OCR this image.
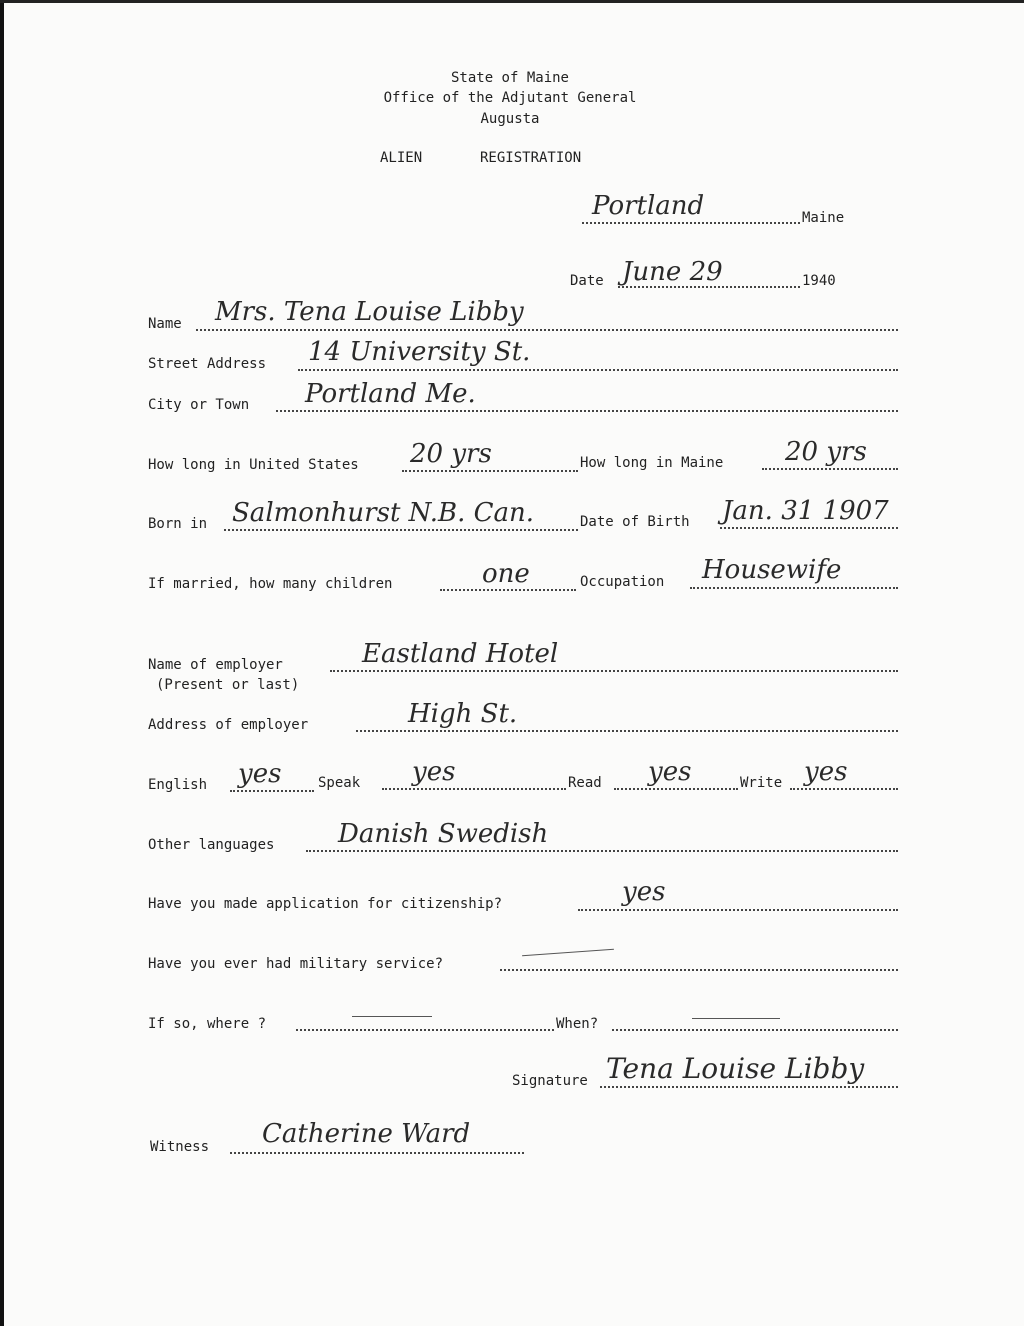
State of Maine
Office of the Adjutant General
Augusta
ALIEN	REGISTRATION
Portland	Maine
Date June 29	1940
Name Mrs. Tena Louise Libby
Street Address 14 University St.
City or Town Portland Me.
How long in United States 20 yrs	How long in Maine 20 yrs
Born in Salmonhurst N.B. Can.	Date of Birth Jan. 31 1907
If married, how many children	one	Occupation Housewife
Name of employer
(Present or last)
Eastland Hotel
Address of employer	High St.
English yes	Speak yes	Read yes	Write yes
Other languages Danish Swedish
Have you made application for citizenship?	yes
Have you ever had military service?
If so, where ?	When?
Signature Tena Louise Libby
Witness Catherine Ward
